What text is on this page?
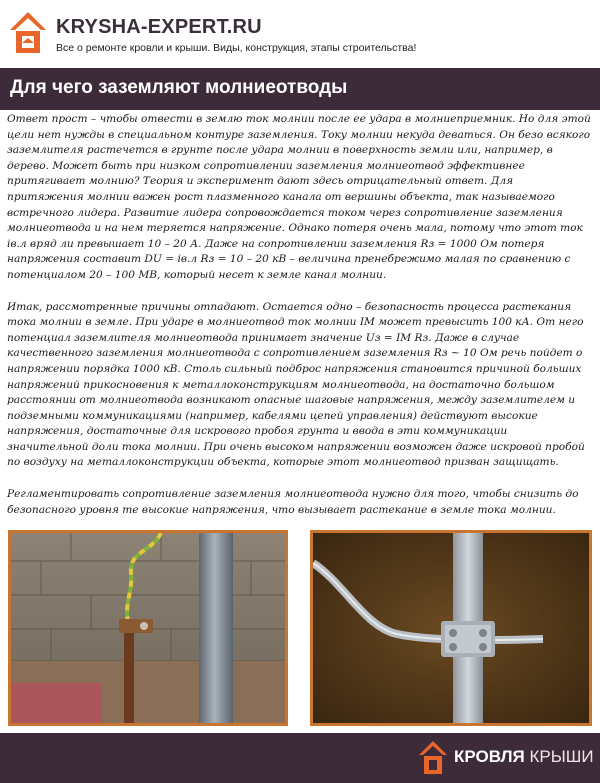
KRYSHA-EXPERT.RU
Все о ремонте кровли и крыши. Виды, конструкция, этапы строительства!
Для чего заземляют молниеотводы

Ответ прост – чтобы отвести в землю ток молнии после ее удара в молниеприемник. Но для этой цели нет нужды в специальном контуре заземления. Току молнии некуда деваться. Он безо всякого заземлителя растечется в грунте после удара молнии в поверхность земли или, например, в дерево. Может быть при низком сопротивлении заземления молниеотвод эффективнее притягивает молнию? Теория и эксперимент дают здесь отрицательный ответ. Для притяжения молнии важен рост плазменного канала от вершины объекта, так называемого встречного лидера. Развитие лидера сопровождается током через сопротивление заземления молниеотвода и на нем теряется напряжение. Однако потеря очень мала, потому что этот ток iв.л вряд ли превышает 10 – 20 А. Даже на сопротивлении заземления Rз = 1000 Ом потеря напряжения составит DU = iв.л Rз = 10 – 20 кВ – величина пренебрежимо малая по сравнению с потенциалом 20 – 100 МВ, который несет к земле канал молнии.

Итак, рассмотренные причины отпадают. Остается одно – безопасность процесса растекания тока молнии в земле. При ударе в молниеотвод ток молнии IM может превысить 100 кА. От него потенциал заземлителя молниеотвода принимает значение Uз = IM Rз. Даже в случае качественного заземления молниеотвода с сопротивлением заземления Rз ~ 10 Ом речь пойдет о напряжении порядка 1000 кВ. Столь сильный подброс напряжения становится причиной больших напряжений прикосновения к металлоконструкциям молниеотвода, на достаточно большом расстоянии от молниеотвода возникают опасные шаговые напряжения, между заземлителем и подземными коммуникациями (например, кабелями цепей управления) действуют высокие напряжения, достаточные для искрового пробоя грунта и ввода в эти коммуникации значительной доли тока молнии. При очень высоком напряжении возможен даже искровой пробой по воздуху на металлоконструкции объекта, которые этот молниеотвод призван защищать.

Регламентировать сопротивление заземления молниеотвода нужно для того, чтобы снизить до безопасного уровня те высокие напряжения, что вызывает растекание в земле тока молнии.

КРОВЛЯ КРЫШИ
